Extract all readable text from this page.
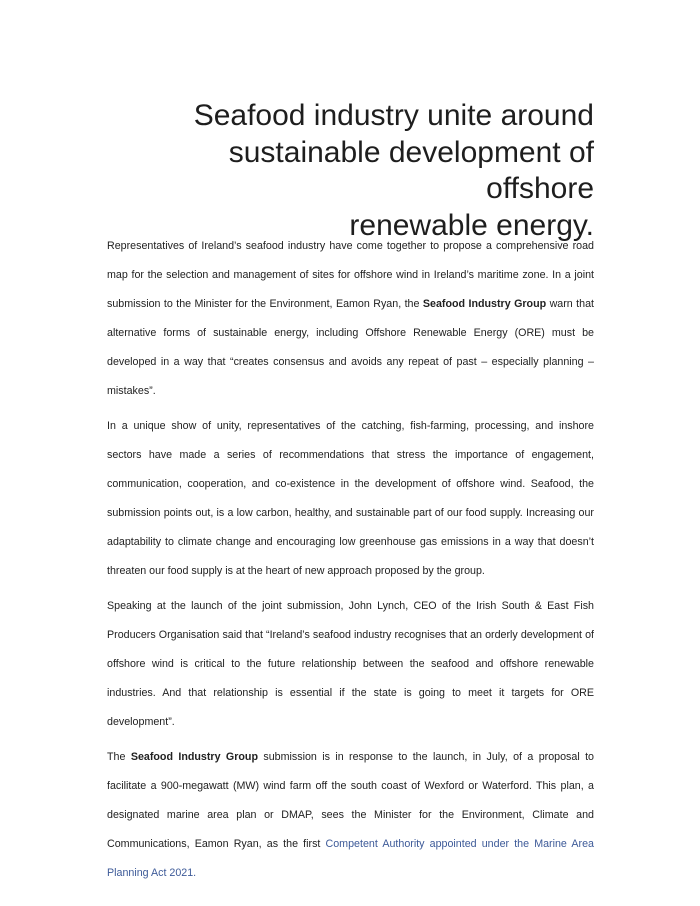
Seafood industry unite around
sustainable development of offshore
renewable energy.

Representatives of Ireland’s seafood industry have come together to propose a comprehensive road map for the selection and management of sites for offshore wind in Ireland’s maritime zone. In a joint submission to the Minister for the Environment, Eamon Ryan, the Seafood Industry Group warn that alternative forms of sustainable energy, including Offshore Renewable Energy (ORE) must be developed in a way that “creates consensus and avoids any repeat of past – especially planning – mistakes”.

In a unique show of unity, representatives of the catching, fish-farming, processing, and inshore sectors have made a series of recommendations that stress the importance of engagement, communication, cooperation, and co-existence in the development of offshore wind. Seafood, the submission points out, is a low carbon, healthy, and sustainable part of our food supply. Increasing our adaptability to climate change and encouraging low greenhouse gas emissions in a way that doesn’t threaten our food supply is at the heart of new approach proposed by the group.

Speaking at the launch of the joint submission, John Lynch, CEO of the Irish South & East Fish Producers Organisation said that “Ireland’s seafood industry recognises that an orderly development of offshore wind is critical to the future relationship between the seafood and offshore renewable industries. And that relationship is essential if the state is going to meet it targets for ORE development”.

The Seafood Industry Group submission is in response to the launch, in July, of a proposal to facilitate a 900-megawatt (MW) wind farm off the south coast of Wexford or Waterford. This plan, a designated marine area plan or DMAP, sees the Minister for the Environment, Climate and Communications, Eamon Ryan, as the first Competent Authority appointed under the Marine Area Planning Act 2021.
